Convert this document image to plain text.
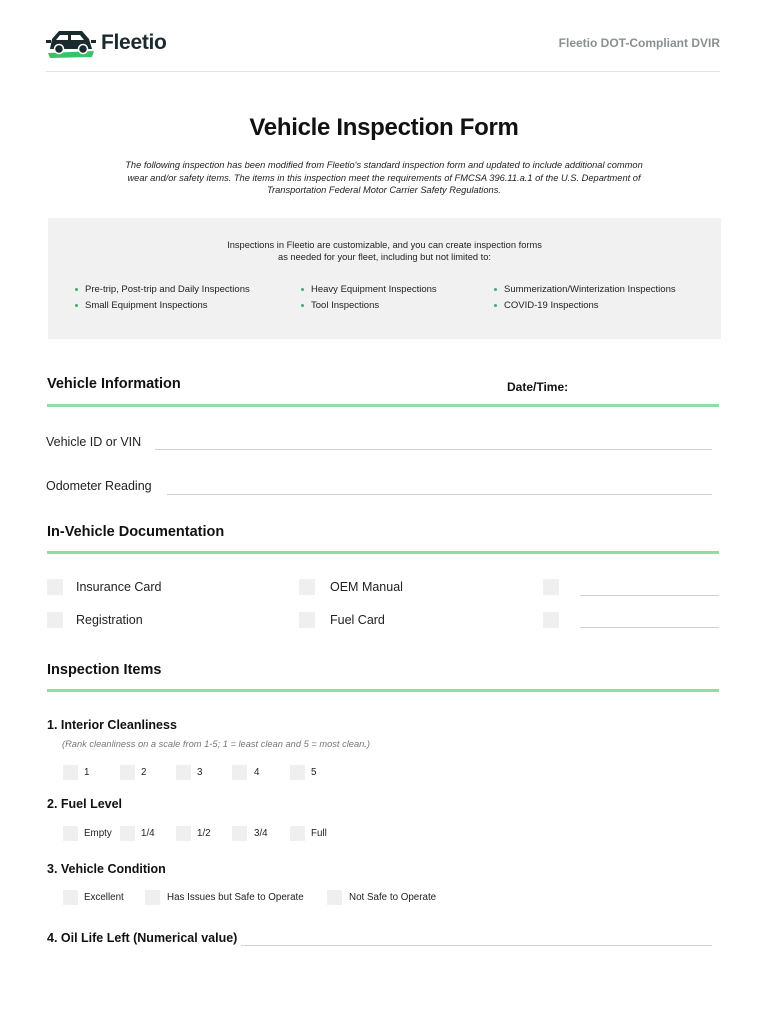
Fleetio	Fleetio DOT-Compliant DVIR
Vehicle Inspection Form
The following inspection has been modified from Fleetio's standard inspection form and updated to include additional common wear and/or safety items. The items in this inspection meet the requirements of FMCSA 396.11.a.1 of the U.S. Department of Transportation Federal Motor Carrier Safety Regulations.
Inspections in Fleetio are customizable, and you can create inspection forms
as needed for your fleet, including but not limited to:
Pre-trip, Post-trip and Daily Inspections
Small Equipment Inspections
Heavy Equipment Inspections
Tool Inspections
Summerization/Winterization Inspections
COVID-19 Inspections
Vehicle Information	Date/Time:
Vehicle ID or VIN
Odometer Reading
In-Vehicle Documentation
Insurance Card	OEM Manual
Registration	Fuel Card
Inspection Items
1. Interior Cleanliness
(Rank cleanliness on a scale from 1-5; 1 = least clean and 5 = most clean.)
1	2	3	4	5
2. Fuel Level
Empty	1/4	1/2	3/4	Full
3. Vehicle Condition
Excellent	Has Issues but Safe to Operate	Not Safe to Operate
4. Oil Life Left (Numerical value)
